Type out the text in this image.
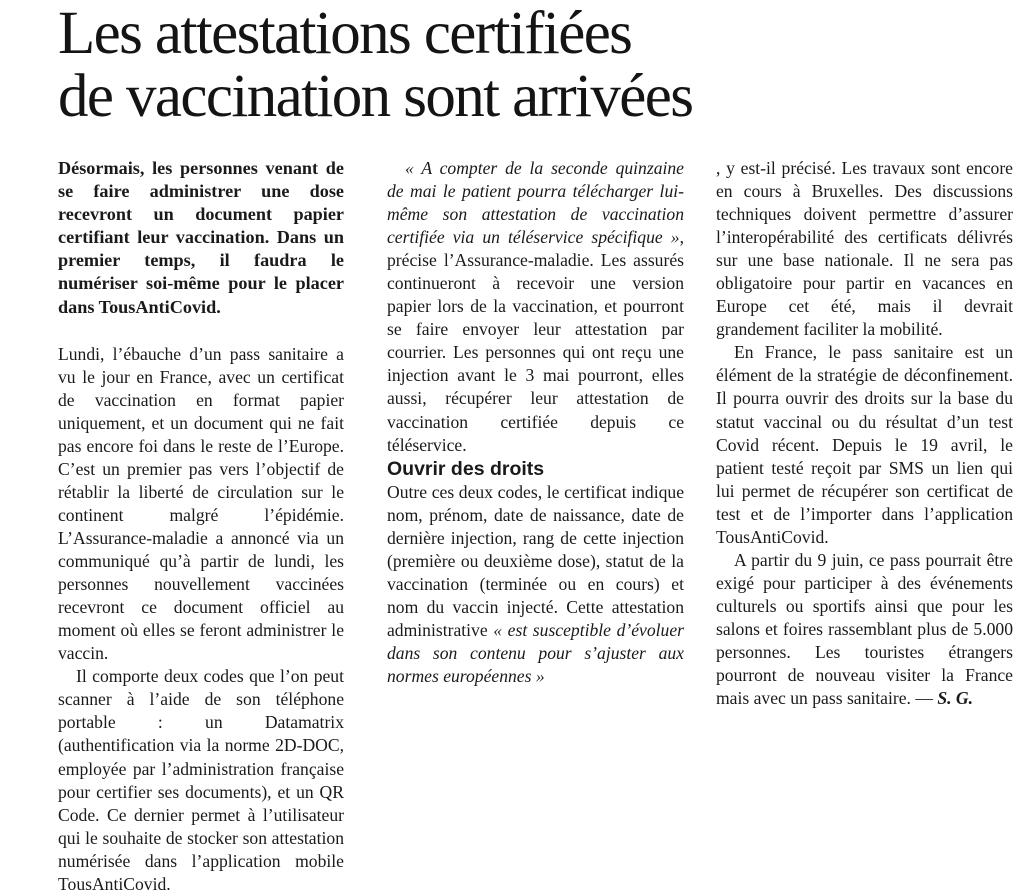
Les attestations certifiées
de vaccination sont arrivées

Désormais, les personnes venant de se faire administrer une dose recevront un document papier certifiant leur vaccination. Dans un premier temps, il faudra le numériser soi-même pour le placer dans TousAntiCovid.

Lundi, l’ébauche d’un pass sanitaire a vu le jour en France, avec un certificat de vaccination en format papier uniquement, et un document qui ne fait pas encore foi dans le reste de l’Europe. C’est un premier pas vers l’objectif de rétablir la liberté de circulation sur le continent malgré l’épidémie. L’Assurance-maladie a annoncé via un communiqué qu’à partir de lundi, les personnes nouvellement vaccinées recevront ce document officiel au moment où elles se feront administrer le vaccin.

Il comporte deux codes que l’on peut scanner à l’aide de son téléphone portable : un Datamatrix (authentification via la norme 2D-DOC, employée par l’administration française pour certifier ses documents), et un QR Code. Ce dernier permet à l’utilisateur qui le souhaite de stocker son attestation numérisée dans l’application mobile TousAntiCovid.

« A compter de la seconde quinzaine de mai le patient pourra télécharger lui-même son attestation de vaccination certifiée via un téléservice spécifique », précise l’Assurance-maladie. Les assurés continueront à recevoir une version papier lors de la vaccination, et pourront se faire envoyer leur attestation par courrier. Les personnes qui ont reçu une injection avant le 3 mai pourront, elles aussi, récupérer leur attestation de vaccination certifiée depuis ce téléservice.

Ouvrir des droits

Outre ces deux codes, le certificat indique nom, prénom, date de naissance, date de dernière injection, rang de cette injection (première ou deuxième dose), statut de la vaccination (terminée ou en cours) et nom du vaccin injecté. Cette attestation administrative « est susceptible d’évoluer dans son contenu pour s’ajuster aux normes européennes »

, y est-il précisé. Les travaux sont encore en cours à Bruxelles. Des discussions techniques doivent permettre d’assurer l’interopérabilité des certificats délivrés sur une base nationale. Il ne sera pas obligatoire pour partir en vacances en Europe cet été, mais il devrait grandement faciliter la mobilité.

En France, le pass sanitaire est un élément de la stratégie de déconfinement. Il pourra ouvrir des droits sur la base du statut vaccinal ou du résultat d’un test Covid récent. Depuis le 19 avril, le patient testé reçoit par SMS un lien qui lui permet de récupérer son certificat de test et de l’importer dans l’application TousAntiCovid.

A partir du 9 juin, ce pass pourrait être exigé pour participer à des événements culturels ou sportifs ainsi que pour les salons et foires rassemblant plus de 5.000 personnes. Les touristes étrangers pourront de nouveau visiter la France mais avec un pass sanitaire. — S. G.
